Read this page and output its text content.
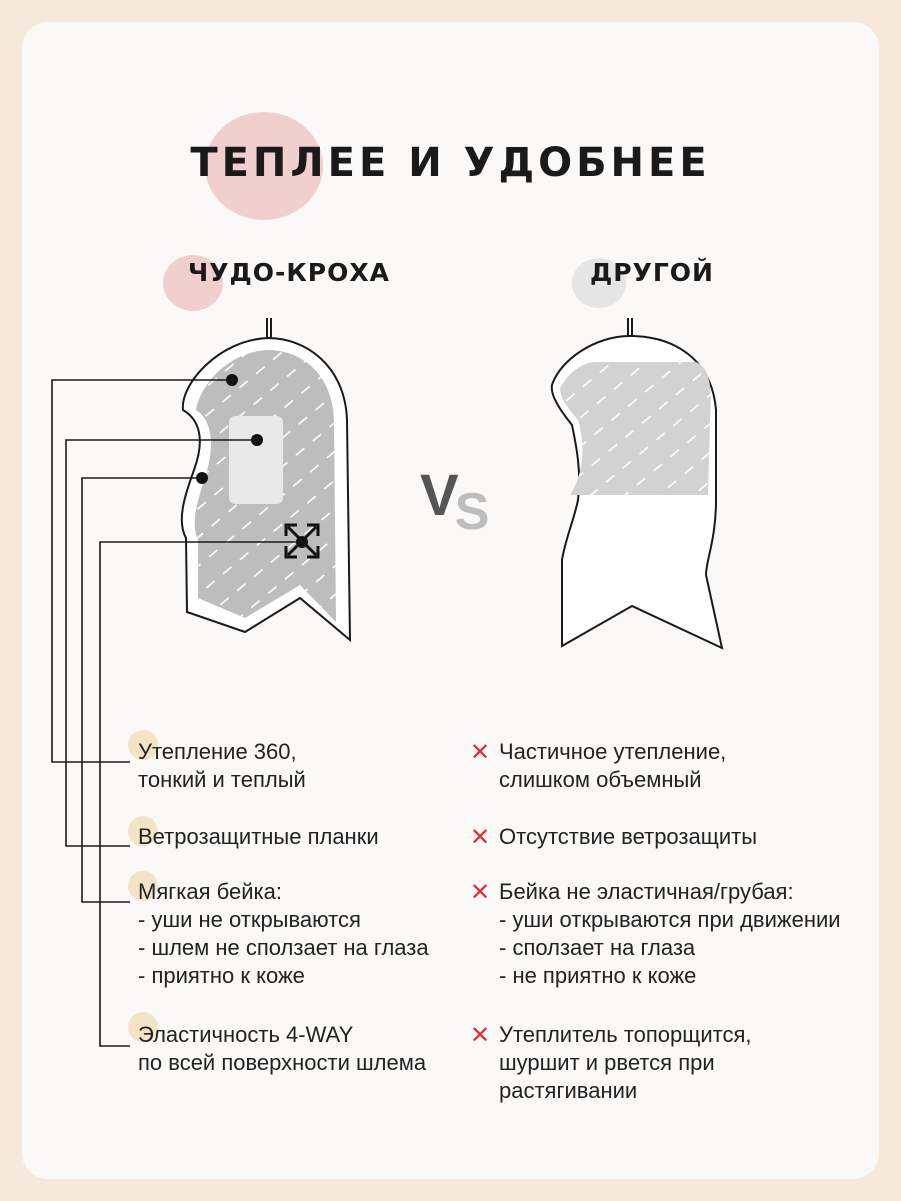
ТЕПЛЕЕ И УДОБНЕЕ
ЧУДО-КРОХА	ДРУГОЙ
VS
Утепление 360,
тонкий и теплый
Ветрозащитные планки
Мягкая бейка:
- уши не открываются
- шлем не сползает на глаза
- приятно к коже
Эластичность 4-WAY
по всей поверхности шлема
✕ Частичное утепление,
слишком объемный
✕ Отсутствие ветрозащиты
✕ Бейка не эластичная/грубая:
- уши открываются при движении
- сползает на глаза
- не приятно к коже
✕ Утеплитель топорщится,
шуршит и рвется при
растягивании
